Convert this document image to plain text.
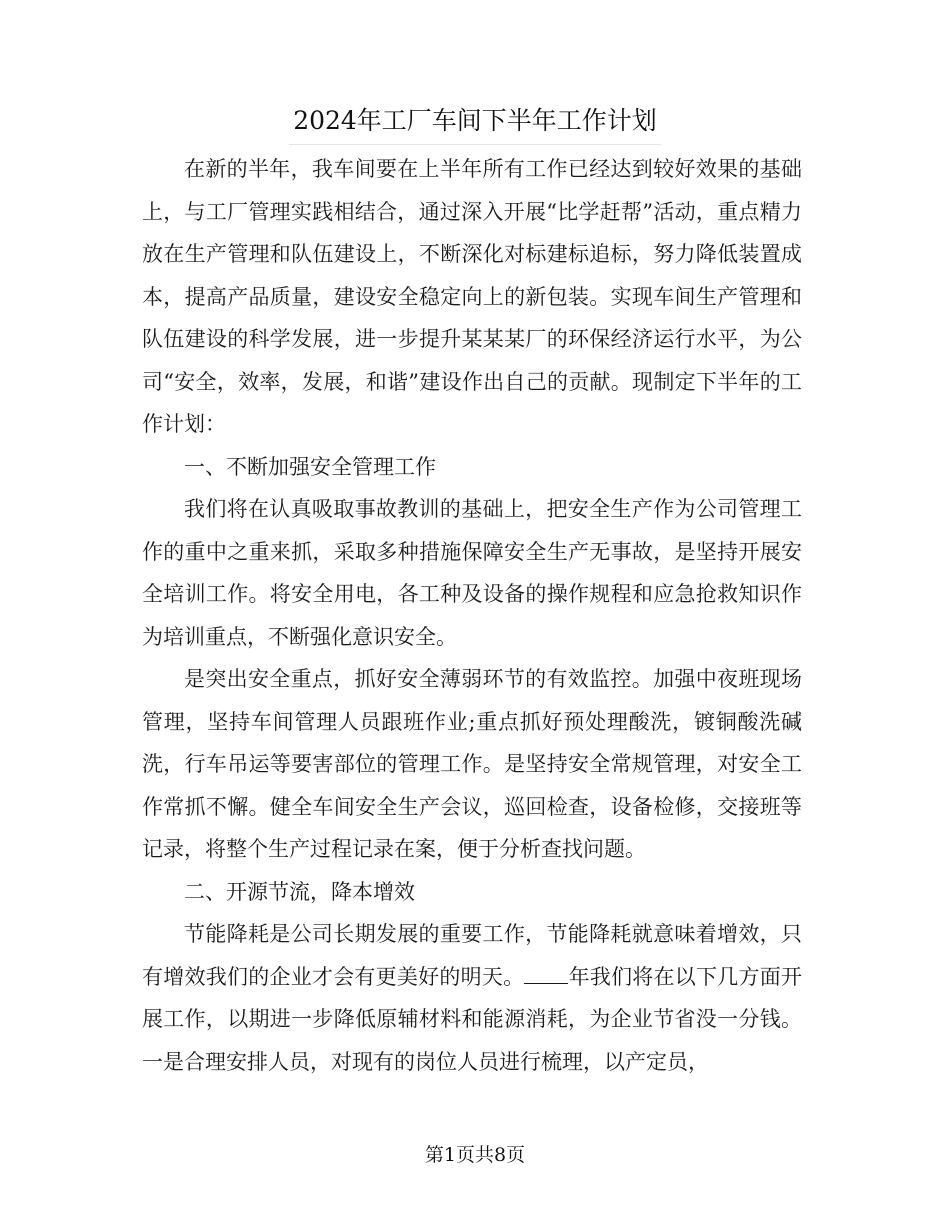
2024年工厂车间下半年工作计划

在新的半年，我车间要在上半年所有工作已经达到较好效果的基础上，与工厂管理实践相结合，通过深入开展“比学赶帮”活动，重点精力放在生产管理和队伍建设上，不断深化对标建标追标，努力降低装置成本，提高产品质量，建设安全稳定向上的新包装。实现车间生产管理和队伍建设的科学发展，进一步提升某某某厂的环保经济运行水平，为公司“安全，效率，发展，和谐”建设作出自己的贡献。现制定下半年的工作计划：

一、不断加强安全管理工作

我们将在认真吸取事故教训的基础上，把安全生产作为公司管理工作的重中之重来抓，采取多种措施保障安全生产无事故，是坚持开展安全培训工作。将安全用电，各工种及设备的操作规程和应急抢救知识作为培训重点，不断强化意识安全。

是突出安全重点，抓好安全薄弱环节的有效监控。加强中夜班现场管理，坚持车间管理人员跟班作业;重点抓好预处理酸洗，镀铜酸洗碱洗，行车吊运等要害部位的管理工作。是坚持安全常规管理，对安全工作常抓不懈。健全车间安全生产会议，巡回检查，设备检修，交接班等记录，将整个生产过程记录在案，便于分析查找问题。

二、开源节流，降本增效

节能降耗是公司长期发展的重要工作，节能降耗就意味着增效，只有增效我们的企业才会有更美好的明天。 年我们将在以下几方面开展工作，以期进一步降低原辅材料和能源消耗，为企业节省没一分钱。一是合理安排人员，对现有的岗位人员进行梳理，以产定员，

第1页共8页
